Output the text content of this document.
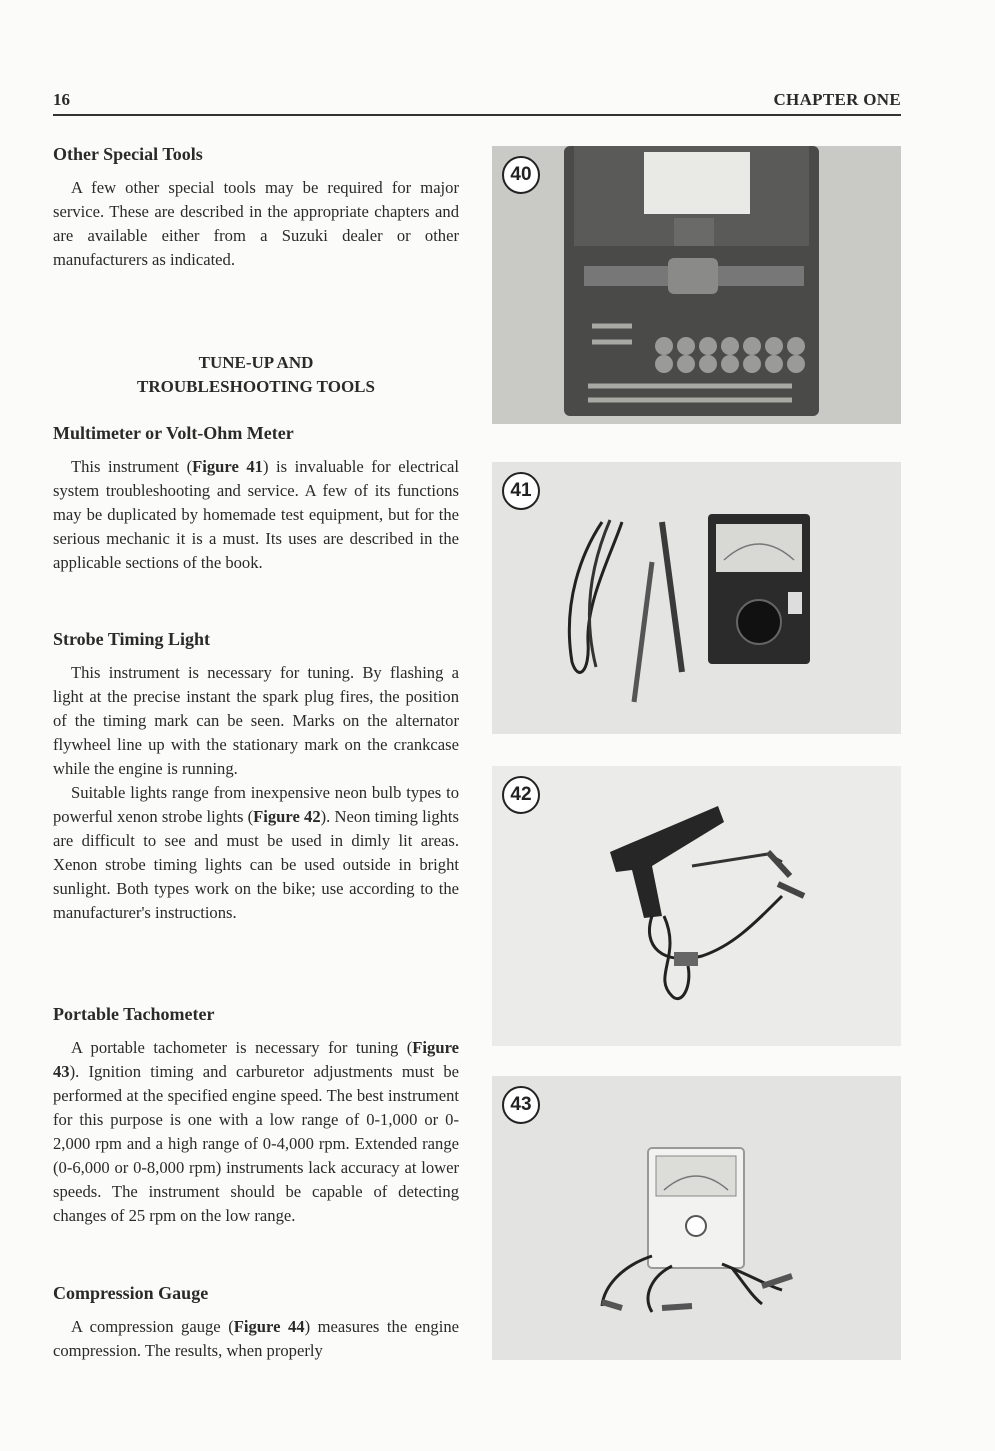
16	CHAPTER ONE
Other Special Tools

A few other special tools may be required for major service. These are described in the appropriate chapters and are available either from a Suzuki dealer or other manufacturers as indicated.

TUNE-UP AND
TROUBLESHOOTING TOOLS
Multimeter or Volt-Ohm Meter

This instrument (Figure 41) is invaluable for electrical system troubleshooting and service. A few of its functions may be duplicated by homemade test equipment, but for the serious mechanic it is a must. Its uses are described in the applicable sections of the book.

Strobe Timing Light

This instrument is necessary for tuning. By flashing a light at the precise instant the spark plug fires, the position of the timing mark can be seen. Marks on the alternator flywheel line up with the stationary mark on the crankcase while the engine is running.

Suitable lights range from inexpensive neon bulb types to powerful xenon strobe lights (Figure 42). Neon timing lights are difficult to see and must be used in dimly lit areas. Xenon strobe timing lights can be used outside in bright sunlight. Both types work on the bike; use according to the manufacturer's instructions.

Portable Tachometer

A portable tachometer is necessary for tuning (Figure 43). Ignition timing and carburetor adjustments must be performed at the specified engine speed. The best instrument for this purpose is one with a low range of 0-1,000 or 0-2,000 rpm and a high range of 0-4,000 rpm. Extended range (0-6,000 or 0-8,000 rpm) instruments lack accuracy at lower speeds. The instrument should be capable of detecting changes of 25 rpm on the low range.

Compression Gauge

A compression gauge (Figure 44) measures the engine compression. The results, when properly

40
41
42
43
